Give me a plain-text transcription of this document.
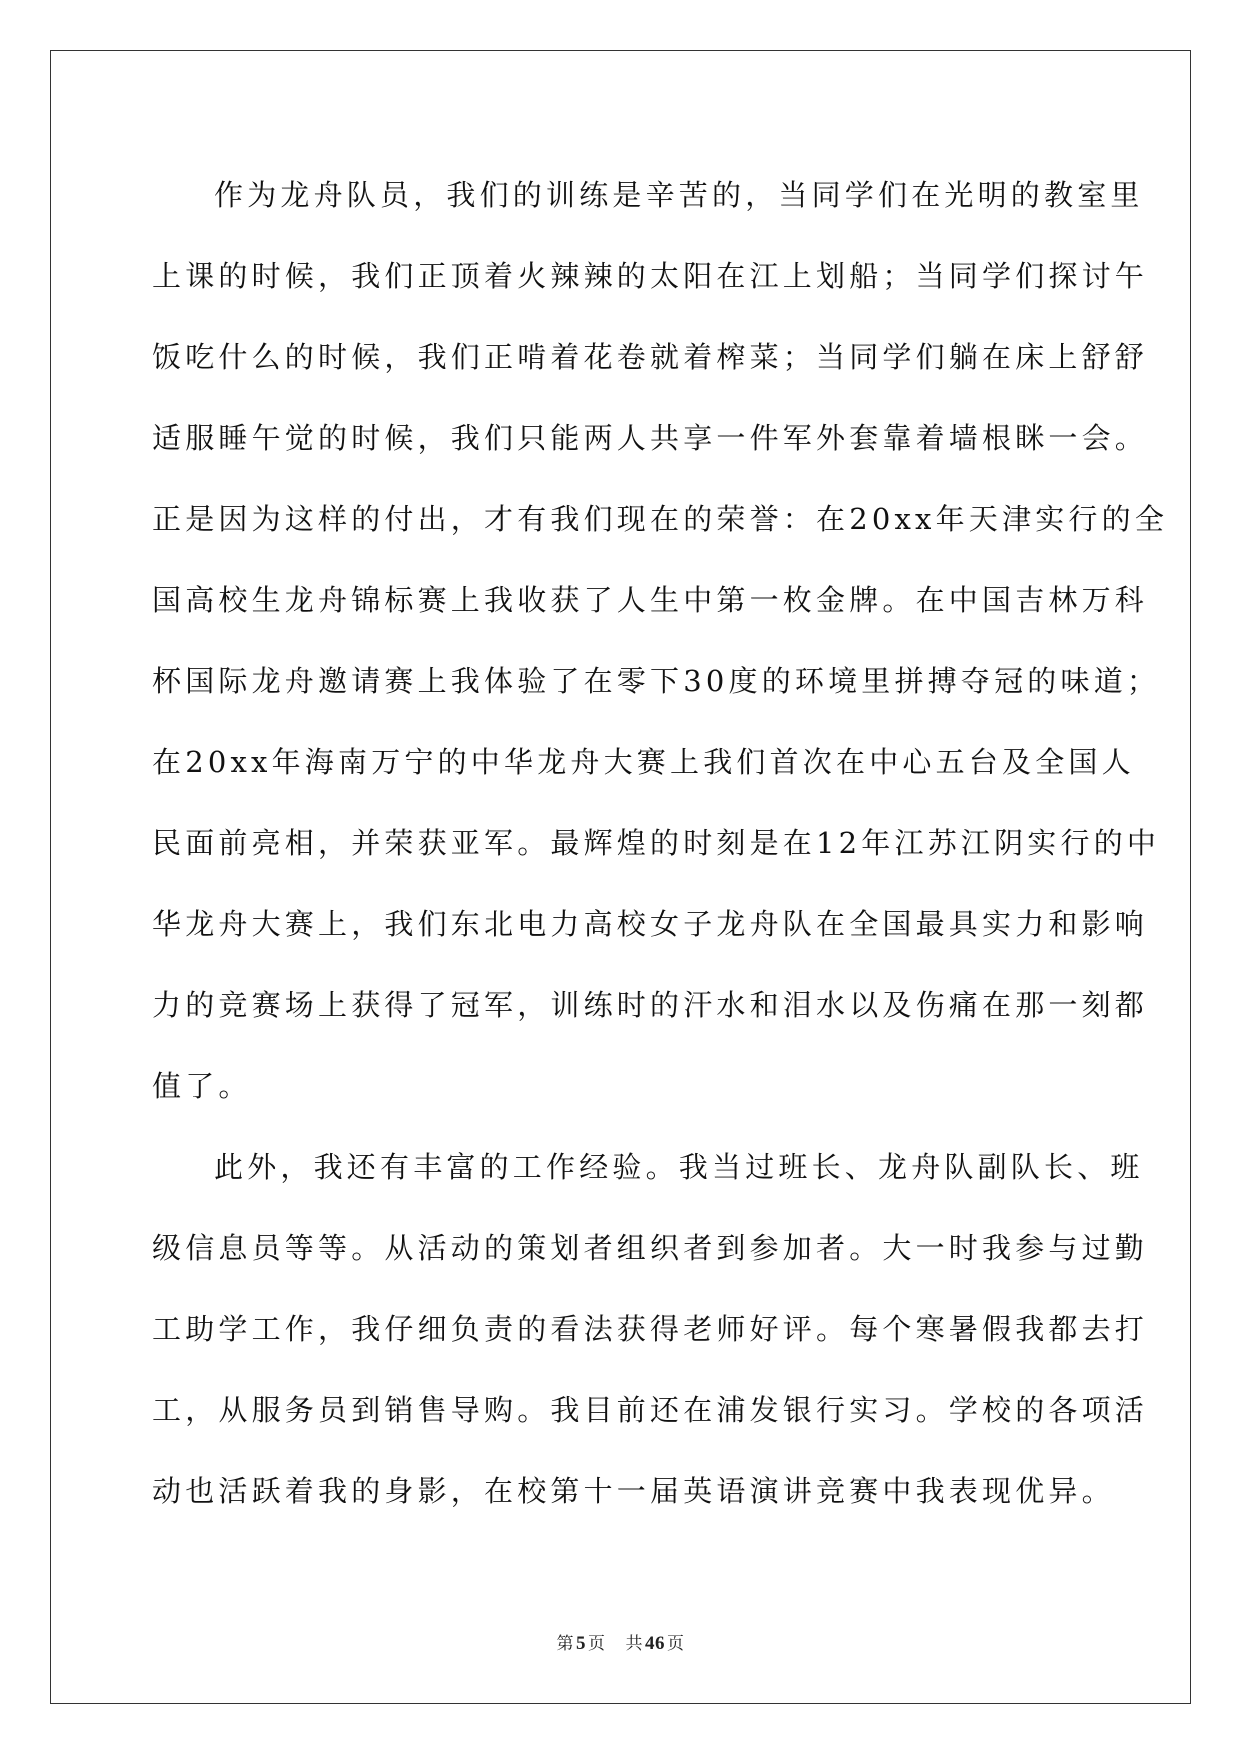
作为龙舟队员，我们的训练是辛苦的，当同学们在光明的教室里
上课的时候，我们正顶着火辣辣的太阳在江上划船；当同学们探讨午
饭吃什么的时候，我们正啃着花卷就着榨菜；当同学们躺在床上舒舒
适服睡午觉的时候，我们只能两人共享一件军外套靠着墙根眯一会。
正是因为这样的付出，才有我们现在的荣誉：在20xx年天津实行的全
国高校生龙舟锦标赛上我收获了人生中第一枚金牌。在中国吉林万科
杯国际龙舟邀请赛上我体验了在零下30度的环境里拼搏夺冠的味道；
在20xx年海南万宁的中华龙舟大赛上我们首次在中心五台及全国人
民面前亮相，并荣获亚军。最辉煌的时刻是在12年江苏江阴实行的中
华龙舟大赛上，我们东北电力高校女子龙舟队在全国最具实力和影响
力的竞赛场上获得了冠军，训练时的汗水和泪水以及伤痛在那一刻都
值了。

此外，我还有丰富的工作经验。我当过班长、龙舟队副队长、班
级信息员等等。从活动的策划者组织者到参加者。大一时我参与过勤
工助学工作，我仔细负责的看法获得老师好评。每个寒暑假我都去打
工，从服务员到销售导购。我目前还在浦发银行实习。学校的各项活
动也活跃着我的身影，在校第十一届英语演讲竞赛中我表现优异。

第 5 页 共 46 页
